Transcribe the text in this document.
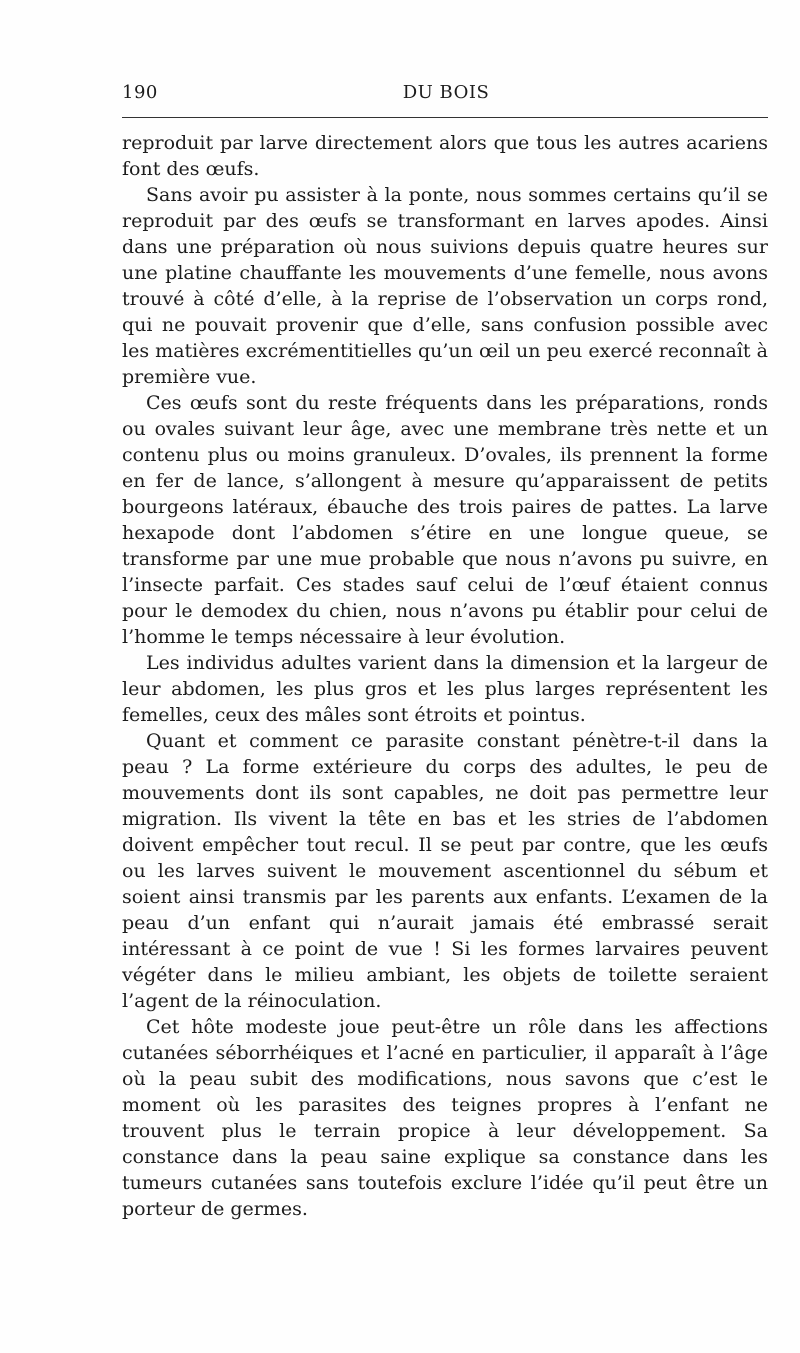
190	DU BOIS

reproduit par larve directement alors que tous les autres acariens font des œufs.

Sans avoir pu assister à la ponte, nous sommes certains qu’il se reproduit par des œufs se transformant en larves apodes. Ainsi dans une préparation où nous suivions depuis quatre heures sur une platine chauffante les mouvements d’une femelle, nous avons trouvé à côté d’elle, à la reprise de l’observation un corps rond, qui ne pouvait provenir que d’elle, sans confusion possible avec les matières excrémentitielles qu’un œil un peu exercé reconnaît à première vue.

Ces œufs sont du reste fréquents dans les préparations, ronds ou ovales suivant leur âge, avec une membrane très nette et un contenu plus ou moins granuleux. D’ovales, ils prennent la forme en fer de lance, s’allongent à mesure qu’apparaissent de petits bourgeons latéraux, ébauche des trois paires de pattes. La larve hexapode dont l’abdomen s’étire en une longue queue, se transforme par une mue probable que nous n’avons pu suivre, en l’insecte parfait. Ces stades sauf celui de l’œuf étaient connus pour le demodex du chien, nous n’avons pu établir pour celui de l’homme le temps nécessaire à leur évolution.

Les individus adultes varient dans la dimension et la largeur de leur abdomen, les plus gros et les plus larges représentent les femelles, ceux des mâles sont étroits et pointus.

Quant et comment ce parasite constant pénètre-t-il dans la peau ? La forme extérieure du corps des adultes, le peu de mouvements dont ils sont capables, ne doit pas permettre leur migration. Ils vivent la tête en bas et les stries de l’abdomen doivent empêcher tout recul. Il se peut par contre, que les œufs ou les larves suivent le mouvement ascentionnel du sébum et soient ainsi transmis par les parents aux enfants. L’examen de la peau d’un enfant qui n’aurait jamais été embrassé serait intéressant à ce point de vue ! Si les formes larvaires peuvent végéter dans le milieu ambiant, les objets de toilette seraient l’agent de la réinoculation.

Cet hôte modeste joue peut-être un rôle dans les affections cutanées séborrhéiques et l’acné en particulier, il apparaît à l’âge où la peau subit des modifications, nous savons que c’est le moment où les parasites des teignes propres à l’enfant ne trouvent plus le terrain propice à leur développement. Sa constance dans la peau saine explique sa constance dans les tumeurs cutanées sans toutefois exclure l’idée qu’il peut être un porteur de germes.
